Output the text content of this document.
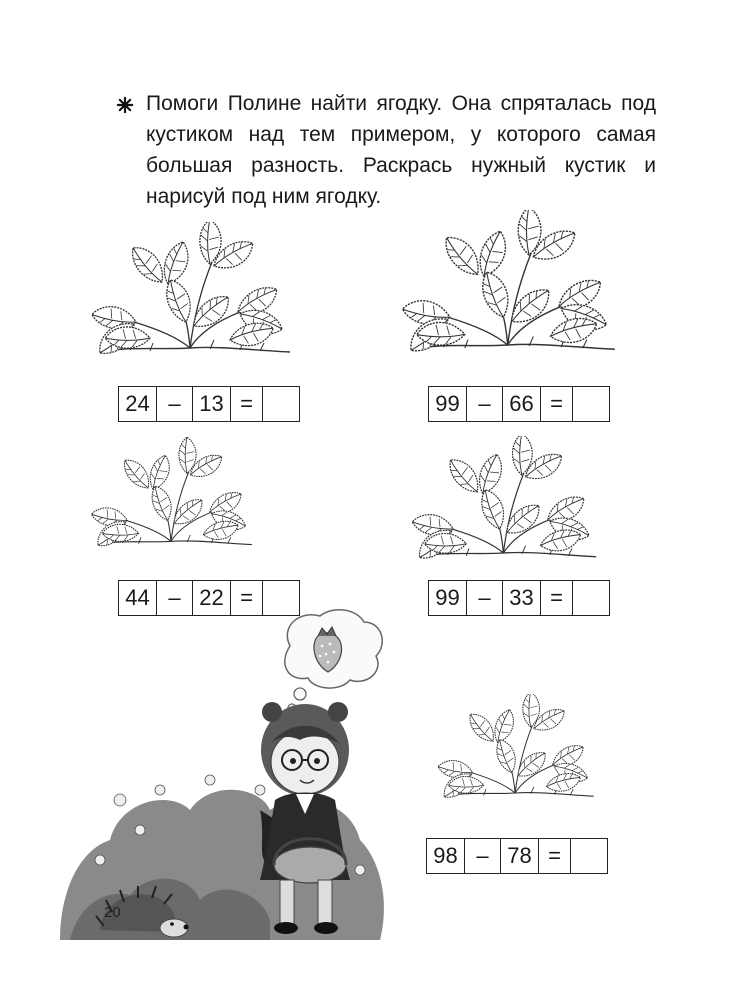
Помоги Полине найти ягодку. Она спряталась под кустиком над тем примером, у которого самая большая разность. Раскрась нужный кустик и нарисуй под ним ягодку.

24 – 13 =	99 – 66 =
44 – 22 =	99 – 33 =
98 – 78 =
20
